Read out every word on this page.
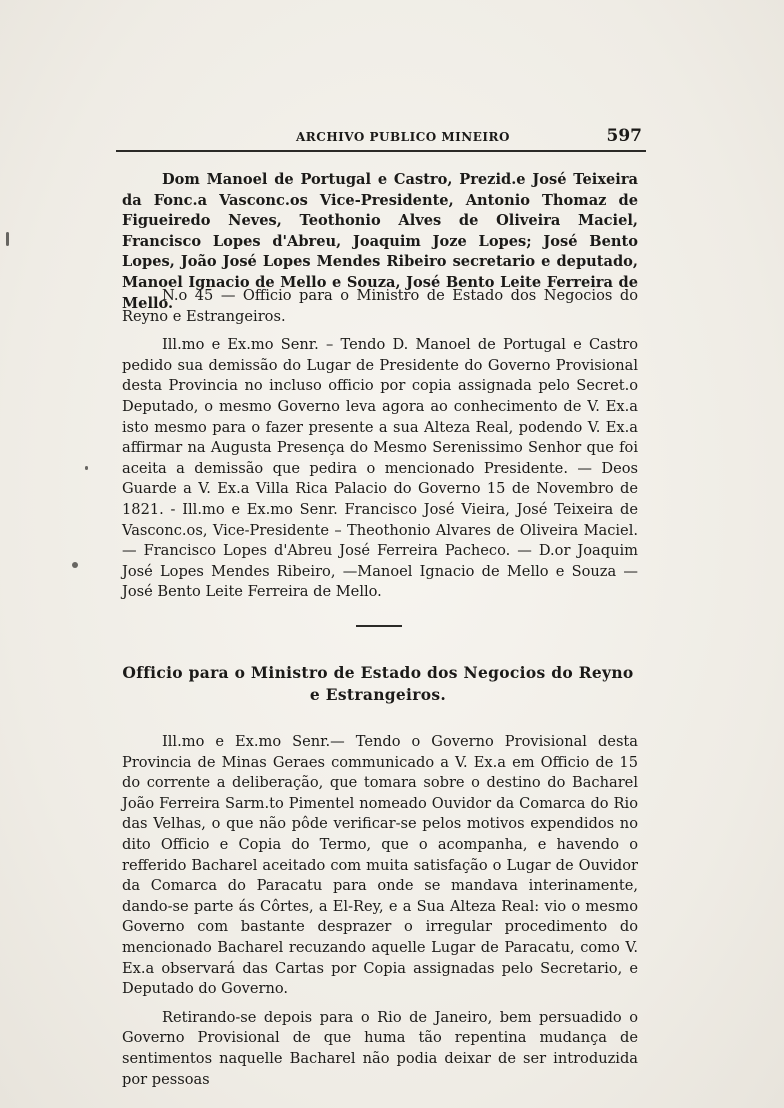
ARCHIVO PUBLICO MINEIRO	597

Dom Manoel de Portugal e Castro, Prezid.e José Teixeira da Fonc.a Vasconc.os Vice-Presidente, Antonio Thomaz de Figueiredo Neves, Teothonio Alves de Oliveira Maciel, Francisco Lopes d'Abreu, Joaquim Joze Lopes; José Bento Lopes, João José Lopes Mendes Ribeiro secretario e deputado, Manoel Ignacio de Mello e Souza, José Bento Leite Ferreira de Mello.

N.o 45 — Officio para o Ministro de Estado dos Negocios do Reyno e Estrangeiros.

Ill.mo e Ex.mo Senr. – Tendo D. Manoel de Portugal e Castro pedido sua demissão do Lugar de Presidente do Governo Provisional desta Provincia no incluso officio por copia assignada pelo Secret.o Deputado, o mesmo Governo leva agora ao conhecimento de V. Ex.a isto mesmo para o fazer presente a sua Alteza Real, podendo V. Ex.a affirmar na Augusta Presença do Mesmo Serenissimo Senhor que foi aceita a demissão que pedira o mencionado Presidente. — Deos Guarde a V. Ex.a Villa Rica Palacio do Governo 15 de Novembro de 1821. - Ill.mo e Ex.mo Senr. Francisco José Vieira, José Teixeira de Vasconc.os, Vice-Presidente – Theothonio Alvares de Oliveira Maciel. — Francisco Lopes d'Abreu José Ferreira Pacheco. — D.or Joaquim José Lopes Mendes Ribeiro, —Manoel Ignacio de Mello e Souza — José Bento Leite Ferreira de Mello.

Officio para o Ministro de Estado dos Negocios do Reyno e Estrangeiros.

Ill.mo e Ex.mo Senr.— Tendo o Governo Provisional desta Provincia de Minas Geraes communicado a V. Ex.a em Officio de 15 do corrente a deliberação, que tomara sobre o destino do Bacharel João Ferreira Sarm.to Pimentel nomeado Ouvidor da Comarca do Rio das Velhas, o que não pôde verificar-se pelos motivos expendidos no dito Officio e Copia do Termo, que o acompanha, e havendo o refferido Bacharel aceitado com muita satisfação o Lugar de Ouvidor da Comarca do Paracatu para onde se mandava interinamente, dando-se parte ás Côrtes, a El-Rey, e a Sua Alteza Real: vio o mesmo Governo com bastante desprazer o irregular procedimento do mencionado Bacharel recuzando aquelle Lugar de Paracatu, como V. Ex.a observará das Cartas por Copia assignadas pelo Secretario, e Deputado do Governo.

Retirando-se depois para o Rio de Janeiro, bem persuadido o Governo Provisional de que huma tão repentina mudança de sentimentos naquelle Bacharel não podia deixar de ser introduzida por pessoas
